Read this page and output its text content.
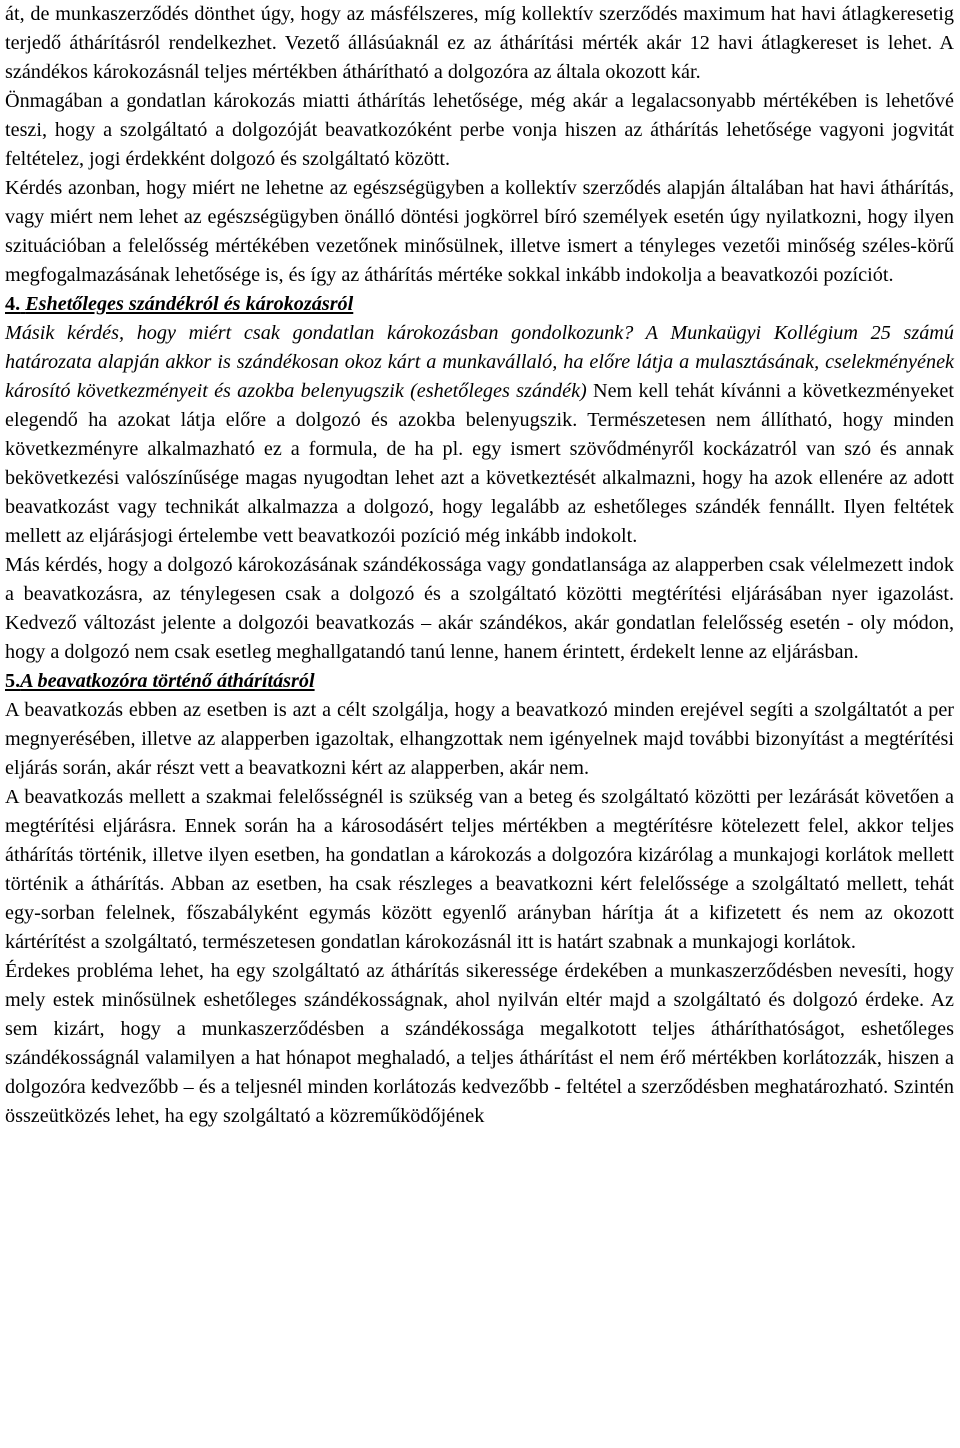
át, de munkaszerződés dönthet úgy, hogy az másfélszeres, míg kollektív szerződés maximum hat havi átlagkeresetig terjedő áthárításról rendelkezhet. Vezető állásúaknál ez az áthárítási mérték akár 12 havi átlagkereset is lehet. A szándékos károkozásnál teljes mértékben áthárítható a dolgozóra az általa okozott kár.

Önmagában a gondatlan károkozás miatti áthárítás lehetősége, még akár a legalacsonyabb mértékében is lehetővé teszi, hogy a szolgáltató a dolgozóját beavatkozóként perbe vonja hiszen az áthárítás lehetősége vagyoni jogvitát feltételez, jogi érdekként dolgozó és szolgáltató között.

Kérdés azonban, hogy miért ne lehetne az egészségügyben a kollektív szerződés alapján általában hat havi áthárítás, vagy miért nem lehet az egészségügyben önálló döntési jogkörrel bíró személyek esetén úgy nyilatkozni, hogy ilyen szituációban a felelősség mértékében vezetőnek minősülnek, illetve ismert a tényleges vezetői minőség széles-körű megfogalmazásának lehetősége is, és így az áthárítás mértéke sokkal inkább indokolja a beavatkozói pozíciót.

4. Eshetőleges szándékról és károkozásról

Másik kérdés, hogy miért csak gondatlan károkozásban gondolkozunk? A Munkaügyi Kollégium 25 számú határozata alapján akkor is szándékosan okoz kárt a munkavállaló, ha előre látja a mulasztásának, cselekményének károsító következményeit és azokba belenyugszik (eshetőleges szándék) Nem kell tehát kívánni a következményeket elegendő ha azokat látja előre a dolgozó és azokba belenyugszik. Természetesen nem állítható, hogy minden következményre alkalmazható ez a formula, de ha pl. egy ismert szövődményről kockázatról van szó és annak bekövetkezési valószínűsége magas nyugodtan lehet azt a következtését alkalmazni, hogy ha azok ellenére az adott beavatkozást vagy technikát alkalmazza a dolgozó, hogy legalább az eshetőleges szándék fennállt. Ilyen feltétek mellett az eljárásjogi értelembe vett beavatkozói pozíció még inkább indokolt.

Más kérdés, hogy a dolgozó károkozásának szándékossága vagy gondatlansága az alapperben csak vélelmezett indok a beavatkozásra, az ténylegesen csak a dolgozó és a szolgáltató közötti megtérítési eljárásában nyer igazolást. Kedvező változást jelente a dolgozói beavatkozás – akár szándékos, akár gondatlan felelősség esetén - oly módon, hogy a dolgozó nem csak esetleg meghallgatandó tanú lenne, hanem érintett, érdekelt lenne az eljárásban.

5.A beavatkozóra történő áthárításról

A beavatkozás ebben az esetben is azt a célt szolgálja, hogy a beavatkozó minden erejével segíti a szolgáltatót a per megnyerésében, illetve az alapperben igazoltak, elhangzottak nem igényelnek majd további bizonyítást a megtérítési eljárás során, akár részt vett a beavatkozni kért az alapperben, akár nem.

A beavatkozás mellett a szakmai felelősségnél is szükség van a beteg és szolgáltató közötti per lezárását követően a megtérítési eljárásra. Ennek során ha a károsodásért teljes mértékben a megtérítésre kötelezett felel, akkor teljes áthárítás történik, illetve ilyen esetben, ha gondatlan a károkozás a dolgozóra kizárólag a munkajogi korlátok mellett történik a áthárítás. Abban az esetben, ha csak részleges a beavatkozni kért felelőssége a szolgáltató mellett, tehát egy-sorban felelnek, főszabályként egymás között egyenlő arányban hárítja át a kifizetett és nem az okozott kártérítést a szolgáltató, természetesen gondatlan károkozásnál itt is határt szabnak a munkajogi korlátok.

Érdekes probléma lehet, ha egy szolgáltató az áthárítás sikeressége érdekében a munkaszerződésben nevesíti, hogy mely estek minősülnek eshetőleges szándékosságnak, ahol nyilván eltér majd a szolgáltató és dolgozó érdeke. Az sem kizárt, hogy a munkaszerződésben a szándékossága megalkotott teljes átháríthatóságot, eshetőleges szándékosságnál valamilyen a hat hónapot meghaladó, a teljes áthárítást el nem érő mértékben korlátozzák, hiszen a dolgozóra kedvezőbb – és a teljesnél minden korlátozás kedvezőbb - feltétel a szerződésben meghatározható. Szintén összeütközés lehet, ha egy szolgáltató a közreműködőjének
